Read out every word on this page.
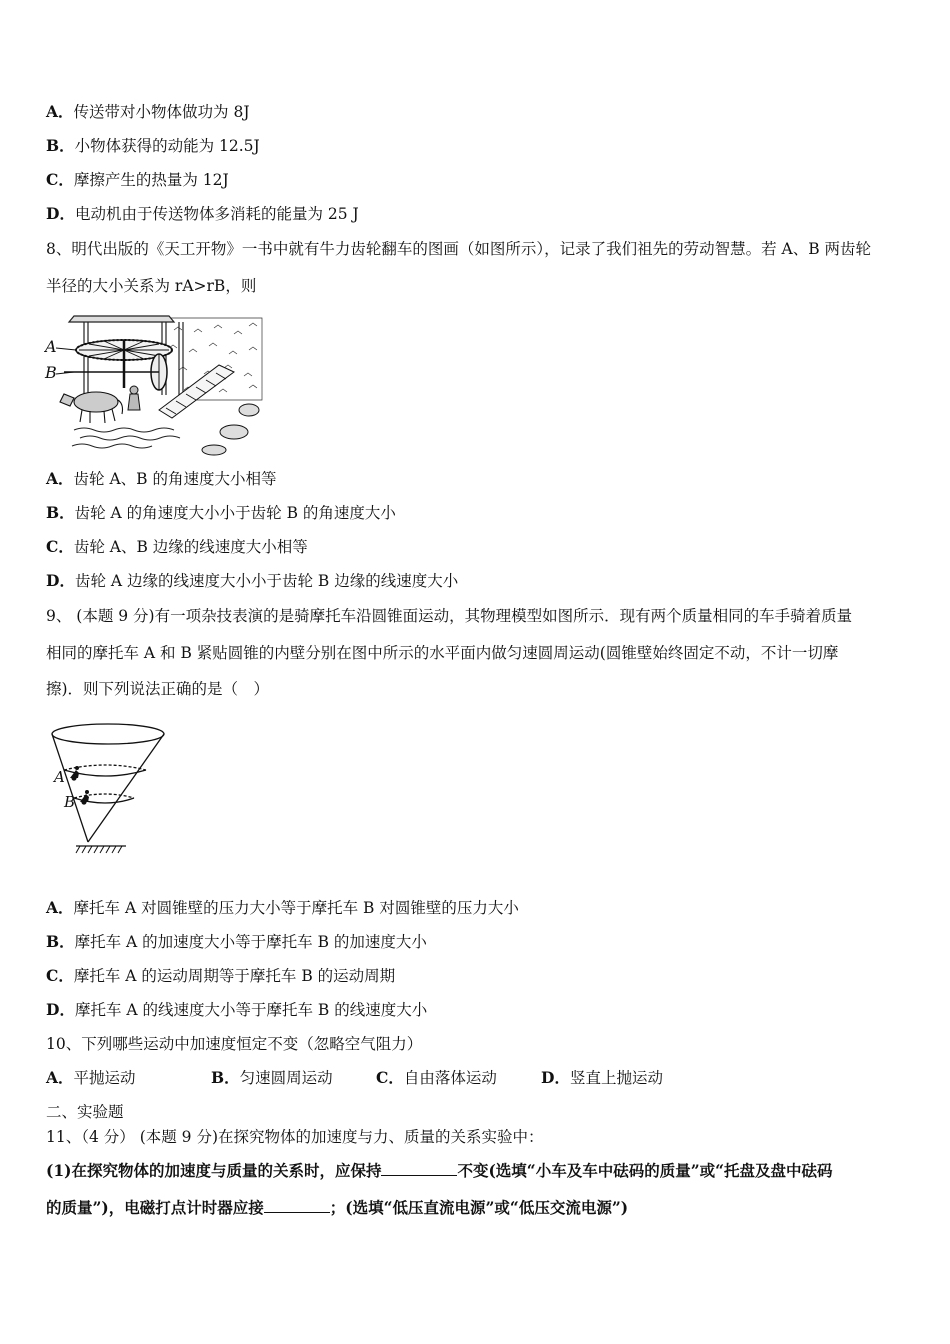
A．传送带对小物体做功为 8J
B．小物体获得的动能为 12.5J
C．摩擦产生的热量为 12J
D．电动机由于传送物体多消耗的能量为 25 J
8、明代出版的《天工开物》一书中就有牛力齿轮翻车的图画（如图所示），记录了我们祖先的劳动智慧。若 A、B 两齿轮
半径的大小关系为 rA>rB，则
A
B
A．齿轮 A、B 的角速度大小相等
B．齿轮 A 的角速度大小小于齿轮 B 的角速度大小
C．齿轮 A、B 边缘的线速度大小相等
D．齿轮 A 边缘的线速度大小小于齿轮 B 边缘的线速度大小
9、 (本题 9 分)有一项杂技表演的是骑摩托车沿圆锥面运动，其物理模型如图所示．现有两个质量相同的车手骑着质量
相同的摩托车 A 和 B 紧贴圆锥的内壁分别在图中所示的水平面内做匀速圆周运动(圆锥壁始终固定不动，不计一切摩
擦)．则下列说法正确的是（　）
A
B
A．摩托车 A 对圆锥壁的压力大小等于摩托车 B 对圆锥壁的压力大小
B．摩托车 A 的加速度大小等于摩托车 B 的加速度大小
C．摩托车 A 的运动周期等于摩托车 B 的运动周期
D．摩托车 A 的线速度大小等于摩托车 B 的线速度大小
10、下列哪些运动中加速度恒定不变（忽略空气阻力）
A．平抛运动	B．匀速圆周运动	C．自由落体运动	D．竖直上抛运动
二、实验题
11、（4 分） (本题 9 分)在探究物体的加速度与力、质量的关系实验中：
(1)在探究物体的加速度与质量的关系时，应保持	不变(选填“小车及车中砝码的质量”或“托盘及盘中砝码
的质量”)，电磁打点计时器应接	；(选填“低压直流电源”或“低压交流电源”)
